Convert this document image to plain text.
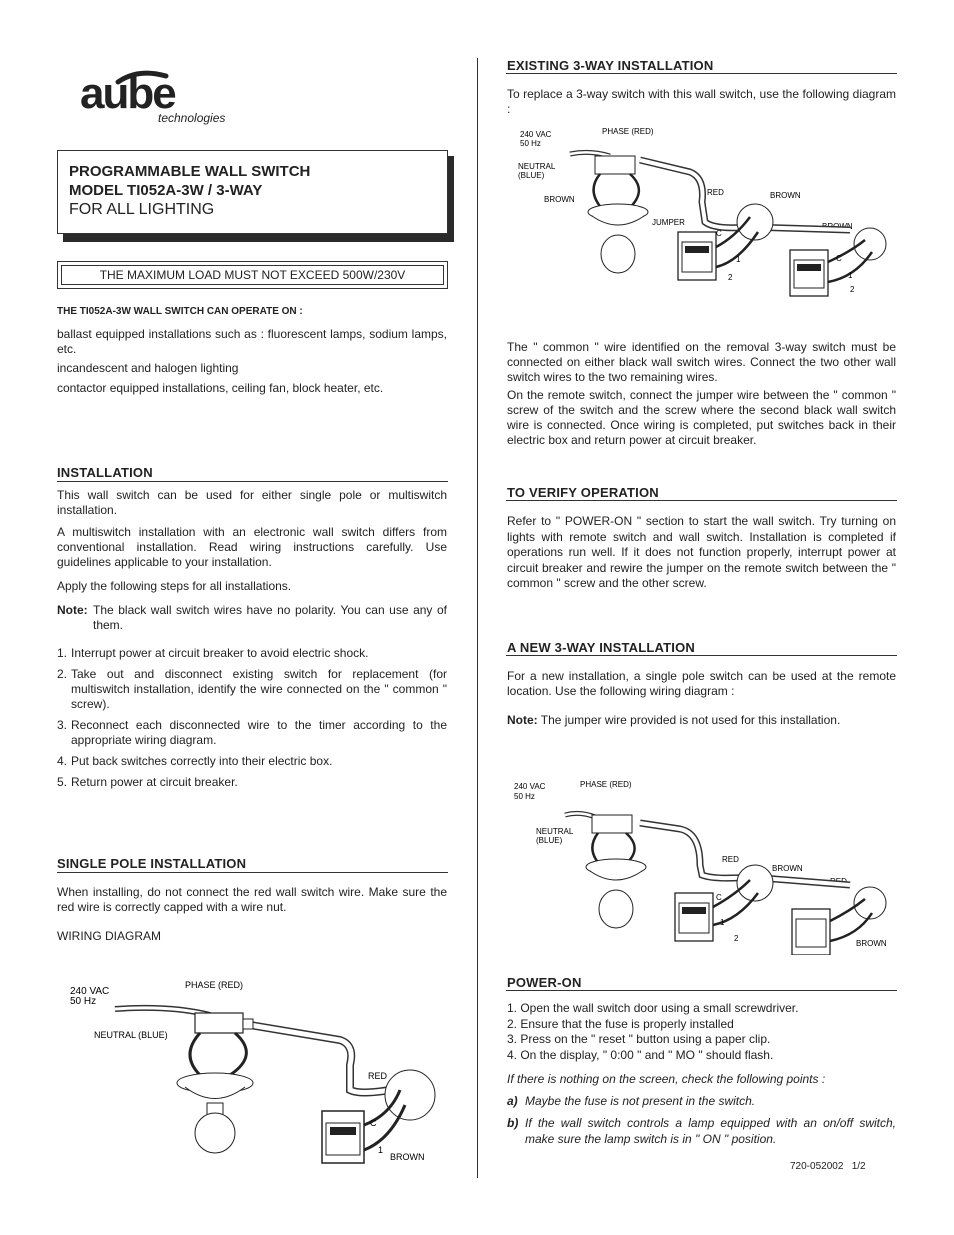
aube
technologies
PROGRAMMABLE WALL SWITCH
MODEL TI052A-3W / 3-WAY
FOR ALL LIGHTING
THE MAXIMUM LOAD MUST NOT EXCEED 500W/230V
THE TI052A-3W WALL SWITCH CAN OPERATE ON :
ballast equipped installations such as : fluorescent lamps, sodium lamps, etc.
incandescent and halogen lighting
contactor equipped installations, ceiling fan, block heater, etc.
INSTALLATION
This wall switch can be used for either single pole or multiswitch installation.
A multiswitch installation with an electronic wall switch differs from conventional installation. Read wiring instructions carefully. Use guidelines applicable to your installation.
Apply the following steps for all installations.
Note: The black wall switch wires have no polarity. You can use any of them.
1. Interrupt power at circuit breaker to avoid electric shock.
2. Take out and disconnect existing switch for replacement (for multiswitch installation, identify the wire connected on the " common " screw).
3. Reconnect each disconnected wire to the timer according to the appropriate wiring diagram.
4. Put back switches correctly into their electric box.
5. Return power at circuit breaker.
SINGLE POLE INSTALLATION
When installing, do not connect the red wall switch wire. Make sure the red wire is correctly capped with a wire nut.
WIRING DIAGRAM
240 VAC
50 Hz
PHASE (RED)
NEUTRAL (BLUE)
RED
C
1
BROWN
EXISTING 3-WAY INSTALLATION
To replace a 3-way switch with this wall switch, use the following diagram :
240 VAC
50 Hz
PHASE (RED)
NEUTRAL
(BLUE)
BROWN
RED	BROWN
JUMPER	BROWN
C
1
2
C
1
2
The " common " wire identified on the removal 3-way switch must be connected on either black wall switch wires. Connect the two other wall switch wires to the two remaining wires.
On the remote switch, connect the jumper wire between the " common " screw of the switch and the screw where the second black wall switch wire is connected. Once wiring is completed, put switches back in their electric box and return power at circuit breaker.
TO VERIFY OPERATION
Refer to " POWER-ON " section to start the wall switch. Try turning on lights with remote switch and wall switch. Installation is completed if operations run well. If it does not function properly, interrupt power at circuit breaker and rewire the jumper on the remote switch between the " common " screw and the other screw.
A NEW 3-WAY INSTALLATION
For a new installation, a single pole switch can be used at the remote location. Use the following wiring diagram :
Note: The jumper wire provided is not used for this installation.
240 VAC
50 Hz
PHASE (RED)
NEUTRAL
(BLUE)
RED
BROWN
RED
BROWN
C
1
2
POWER-ON
1. Open the wall switch door using a small screwdriver.
2. Ensure that the fuse is properly installed
3. Press on the " reset " button using a paper clip.
4. On the display, " 0:00 " and " MO " should flash.
If there is nothing on the screen, check the following points :
a) Maybe the fuse is not present in the switch.
b) If the wall switch controls a lamp equipped with an on/off switch, make sure the lamp switch is in " ON " position.
720-052002   1/2
